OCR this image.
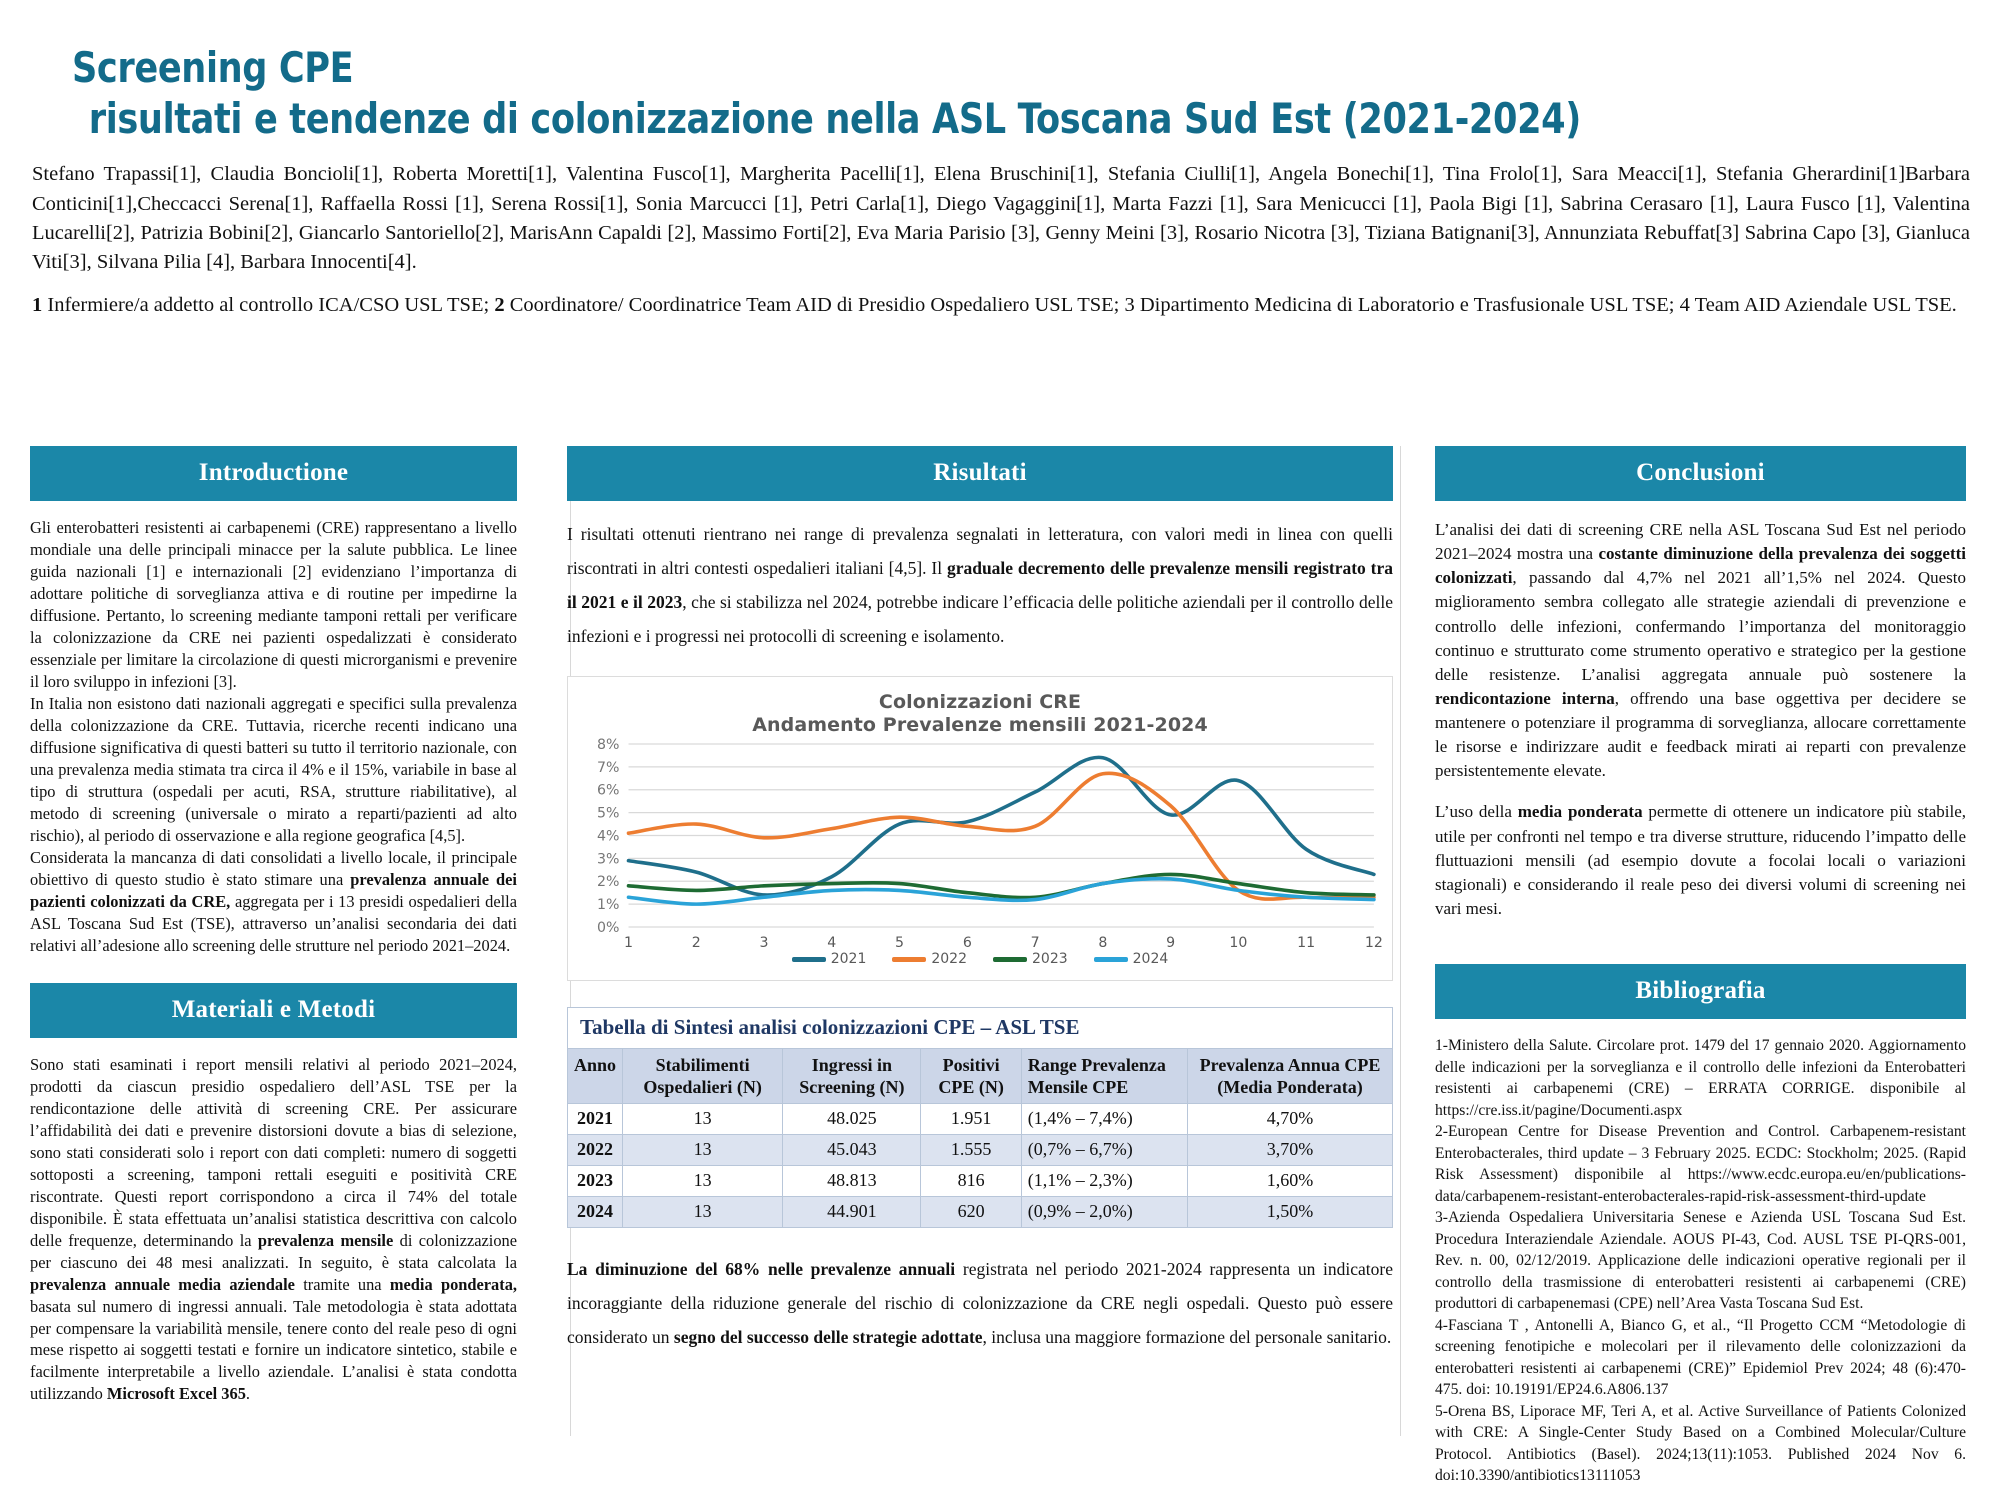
Screening CPE
risultati e tendenze di colonizzazione nella ASL Toscana Sud Est (2021-2024)
Stefano Trapassi[1], Claudia Boncioli[1], Roberta Moretti[1], Valentina Fusco[1], Margherita Pacelli[1], Elena Bruschini[1], Stefania Ciulli[1], Angela Bonechi[1], Tina Frolo[1], Sara Meacci[1], Stefania Gherardini[1]Barbara Conticini[1],Checcacci Serena[1], Raffaella Rossi [1], Serena Rossi[1], Sonia Marcucci [1], Petri Carla[1], Diego Vagaggini[1], Marta Fazzi [1], Sara Menicucci [1], Paola Bigi [1], Sabrina Cerasaro [1], Laura Fusco [1], Valentina Lucarelli[2], Patrizia Bobini[2], Giancarlo Santoriello[2], MarisAnn Capaldi [2], Massimo Forti[2], Eva Maria Parisio [3], Genny Meini [3], Rosario Nicotra [3], Tiziana Batignani[3], Annunziata Rebuffat[3] Sabrina Capo [3], Gianluca Viti[3], Silvana Pilia [4], Barbara Innocenti[4].
1 Infermiere/a addetto al controllo ICA/CSO USL TSE; 2 Coordinatore/ Coordinatrice Team AID di Presidio Ospedaliero USL TSE; 3 Dipartimento Medicina di Laboratorio e Trasfusionale USL TSE; 4 Team AID Aziendale USL TSE.
Introductione

Gli enterobatteri resistenti ai carbapenemi (CRE) rappresentano a livello mondiale una delle principali minacce per la salute pubblica. Le linee guida nazionali [1] e internazionali [2] evidenziano l’importanza di adottare politiche di sorveglianza attiva e di routine per impedirne la diffusione. Pertanto, lo screening mediante tamponi rettali per verificare la colonizzazione da CRE nei pazienti ospedalizzati è considerato essenziale per limitare la circolazione di questi microrganismi e prevenire il loro sviluppo in infezioni [3].

In Italia non esistono dati nazionali aggregati e specifici sulla prevalenza della colonizzazione da CRE. Tuttavia, ricerche recenti indicano una diffusione significativa di questi batteri su tutto il territorio nazionale, con una prevalenza media stimata tra circa il 4% e il 15%, variabile in base al tipo di struttura (ospedali per acuti, RSA, strutture riabilitative), al metodo di screening (universale o mirato a reparti/pazienti ad alto rischio), al periodo di osservazione e alla regione geografica [4,5].

Considerata la mancanza di dati consolidati a livello locale, il principale obiettivo di questo studio è stato stimare una prevalenza annuale dei pazienti colonizzati da CRE, aggregata per i 13 presidi ospedalieri della ASL Toscana Sud Est (TSE), attraverso un’analisi secondaria dei dati relativi all’adesione allo screening delle strutture nel periodo 2021–2024.

Materiali e Metodi

Sono stati esaminati i report mensili relativi al periodo 2021–2024, prodotti da ciascun presidio ospedaliero dell’ASL TSE per la rendicontazione delle attività di screening CRE. Per assicurare l’affidabilità dei dati e prevenire distorsioni dovute a bias di selezione, sono stati considerati solo i report con dati completi: numero di soggetti sottoposti a screening, tamponi rettali eseguiti e positività CRE riscontrate. Questi report corrispondono a circa il 74% del totale disponibile. È stata effettuata un’analisi statistica descrittiva con calcolo delle frequenze, determinando la prevalenza mensile di colonizzazione per ciascuno dei 48 mesi analizzati. In seguito, è stata calcolata la prevalenza annuale media aziendale tramite una media ponderata, basata sul numero di ingressi annuali. Tale metodologia è stata adottata per compensare la variabilità mensile, tenere conto del reale peso di ogni mese rispetto ai soggetti testati e fornire un indicatore sintetico, stabile e facilmente interpretabile a livello aziendale. L’analisi è stata condotta utilizzando Microsoft Excel 365.

Risultati
I risultati ottenuti rientrano nei range di prevalenza segnalati in letteratura, con valori medi in linea con quelli riscontrati in altri contesti ospedalieri italiani [4,5]. Il graduale decremento delle prevalenze mensili registrato tra il 2021 e il 2023, che si stabilizza nel 2024, potrebbe indicare l’efficacia delle politiche aziendali per il controllo delle infezioni e i progressi nei protocolli di screening e isolamento.
Colonizzazioni CRE
Andamento Prevalenze mensili 2021-2024
0%
1%
2%
3%
4%
5%
6%
7%
8%
1	2	3	4	5	6	7	8	9	10	11	12
2021	2022	2023	2024
Tabella di Sintesi analisi colonizzazioni CPE – ASL TSE
Anno	Stabilimenti Ospedalieri (N)	Ingressi in Screening (N)	Positivi CPE (N)	Range Prevalenza Mensile CPE	Prevalenza Annua CPE (Media Ponderata)
2021	13	48.025	1.951	(1,4% – 7,4%)	4,70%
2022	13	45.043	1.555	(0,7% – 6,7%)	3,70%
2023	13	48.813	816	(1,1% – 2,3%)	1,60%
2024	13	44.901	620	(0,9% – 2,0%)	1,50%
La diminuzione del 68% nelle prevalenze annuali registrata nel periodo 2021-2024 rappresenta un indicatore incoraggiante della riduzione generale del rischio di colonizzazione da CRE negli ospedali. Questo può essere considerato un segno del successo delle strategie adottate, inclusa una maggiore formazione del personale sanitario.
Conclusioni

L’analisi dei dati di screening CRE nella ASL Toscana Sud Est nel periodo 2021–2024 mostra una costante diminuzione della prevalenza dei soggetti colonizzati, passando dal 4,7% nel 2021 all’1,5% nel 2024. Questo miglioramento sembra collegato alle strategie aziendali di prevenzione e controllo delle infezioni, confermando l’importanza del monitoraggio continuo e strutturato come strumento operativo e strategico per la gestione delle resistenze. L’analisi aggregata annuale può sostenere la rendicontazione interna, offrendo una base oggettiva per decidere se mantenere o potenziare il programma di sorveglianza, allocare correttamente le risorse e indirizzare audit e feedback mirati ai reparti con prevalenze persistentemente elevate.

L’uso della media ponderata permette di ottenere un indicatore più stabile, utile per confronti nel tempo e tra diverse strutture, riducendo l’impatto delle fluttuazioni mensili (ad esempio dovute a focolai locali o variazioni stagionali) e considerando il reale peso dei diversi volumi di screening nei vari mesi.

Bibliografia
1-Ministero della Salute. Circolare prot. 1479 del 17 gennaio 2020. Aggiornamento delle indicazioni per la sorveglianza e il controllo delle infezioni da Enterobatteri resistenti ai carbapenemi (CRE) – ERRATA CORRIGE. disponibile al https://cre.iss.it/pagine/Documenti.aspx
2-European Centre for Disease Prevention and Control. Carbapenem-resistant Enterobacterales, third update – 3 February 2025. ECDC: Stockholm; 2025. (Rapid Risk Assessment) disponibile al https://www.ecdc.europa.eu/en/publications-data/carbapenem-resistant-enterobacterales-rapid-risk-assessment-third-update
3-Azienda Ospedaliera Universitaria Senese e Azienda USL Toscana Sud Est. Procedura Interaziendale Aziendale. AOUS PI-43, Cod. AUSL TSE PI-QRS-001, Rev. n. 00, 02/12/2019. Applicazione delle indicazioni operative regionali per il controllo della trasmissione di enterobatteri resistenti ai carbapenemi (CRE) produttori di carbapenemasi (CPE) nell’Area Vasta Toscana Sud Est.
4-Fasciana T , Antonelli A, Bianco G, et al., “Il Progetto CCM “Metodologie di screening fenotipiche e molecolari per il rilevamento delle colonizzazioni da enterobatteri resistenti ai carbapenemi (CRE)” Epidemiol Prev 2024; 48 (6):470-475. doi: 10.19191/EP24.6.A806.137
5-Orena BS, Liporace MF, Teri A, et al. Active Surveillance of Patients Colonized with CRE: A Single-Center Study Based on a Combined Molecular/Culture Protocol. Antibiotics (Basel). 2024;13(11):1053. Published 2024 Nov 6. doi:10.3390/antibiotics13111053
